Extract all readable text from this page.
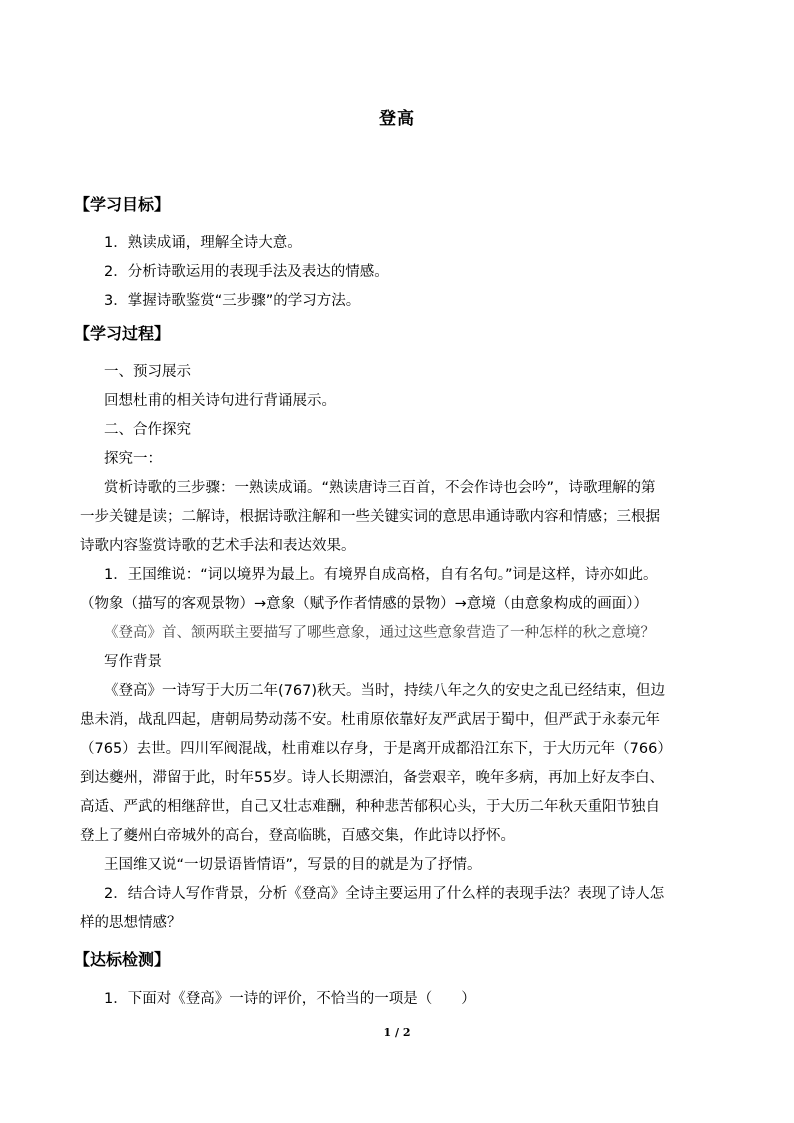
登高
【学习目标】
1．熟读成诵，理解全诗大意。
2．分析诗歌运用的表现手法及表达的情感。
3．掌握诗歌鉴赏“三步骤”的学习方法。
【学习过程】
一、预习展示
回想杜甫的相关诗句进行背诵展示。
二、合作探究
探究一：
赏析诗歌的三步骤：一熟读成诵。“熟读唐诗三百首，不会作诗也会吟”，诗歌理解的第
一步关键是读；二解诗，根据诗歌注解和一些关键实词的意思串通诗歌内容和情感；三根据
诗歌内容鉴赏诗歌的艺术手法和表达效果。
1．王国维说：“词以境界为最上。有境界自成高格，自有名句。”词是这样，诗亦如此。
（物象（描写的客观景物）→意象（赋予作者情感的景物）→意境（由意象构成的画面））
《登高》首、颔两联主要描写了哪些意象，通过这些意象营造了一种怎样的秋之意境？
写作背景
《登高》一诗写于大历二年(767)秋天。当时，持续八年之久的安史之乱已经结束，但边
患未消，战乱四起，唐朝局势动荡不安。杜甫原依靠好友严武居于蜀中，但严武于永泰元年
（765）去世。四川军阀混战，杜甫难以存身，于是离开成都沿江东下，于大历元年（766）
到达夔州，滞留于此，时年55岁。诗人长期漂泊，备尝艰辛，晚年多病，再加上好友李白、
高适、严武的相继辞世，自己又壮志难酬，种种悲苦郁积心头，于大历二年秋天重阳节独自
登上了夔州白帝城外的高台，登高临眺，百感交集，作此诗以抒怀。
王国维又说“一切景语皆情语”，写景的目的就是为了抒情。
2．结合诗人写作背景，分析《登高》全诗主要运用了什么样的表现手法？表现了诗人怎
样的思想情感？
【达标检测】
1．下面对《登高》一诗的评价，不恰当的一项是（　　）
1 / 2
